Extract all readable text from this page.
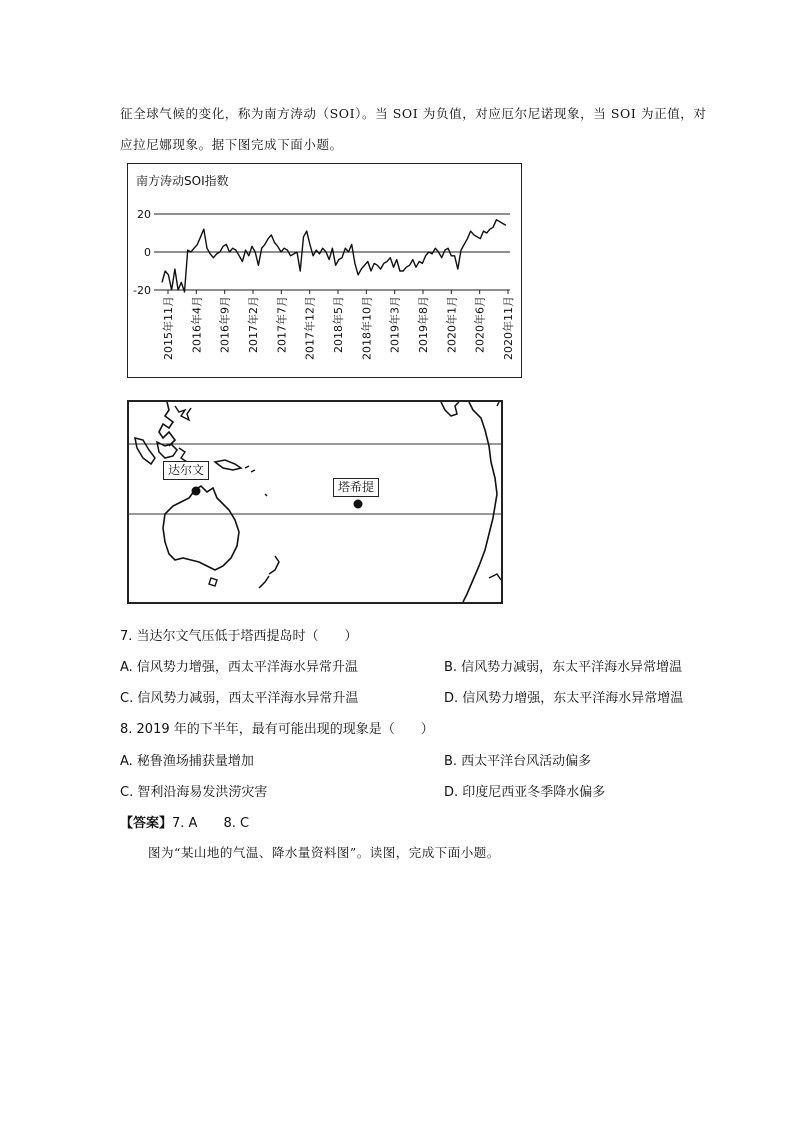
征全球气候的变化，称为南方涛动（SOI）。当 SOI 为负值，对应厄尔尼诺现象，当 SOI 为正值，对
应拉尼娜现象。据下图完成下面小题。
南方涛动SOI指数
20
0
-20
2015年11月 2016年4月 2016年9月 2017年2月 2017年7月 2017年12月 2018年5月 2018年10月 2019年3月 2019年8月 2020年1月 2020年6月 2020年11月
达尔文
塔希提
7. 当达尔文气压低于塔西提岛时（　　）
A. 信风势力增强，西太平洋海水异常升温	B. 信风势力减弱，东太平洋海水异常增温
C. 信风势力减弱，西太平洋海水异常升温	D. 信风势力增强，东太平洋海水异常增温
8. 2019 年的下半年，最有可能出现的现象是（　　）
A. 秘鲁渔场捕获量增加	B. 西太平洋台风活动偏多
C. 智利沿海易发洪涝灾害	D. 印度尼西亚冬季降水偏多
【答案】7. A　　8. C
图为“某山地的气温、降水量资料图”。读图，完成下面小题。
